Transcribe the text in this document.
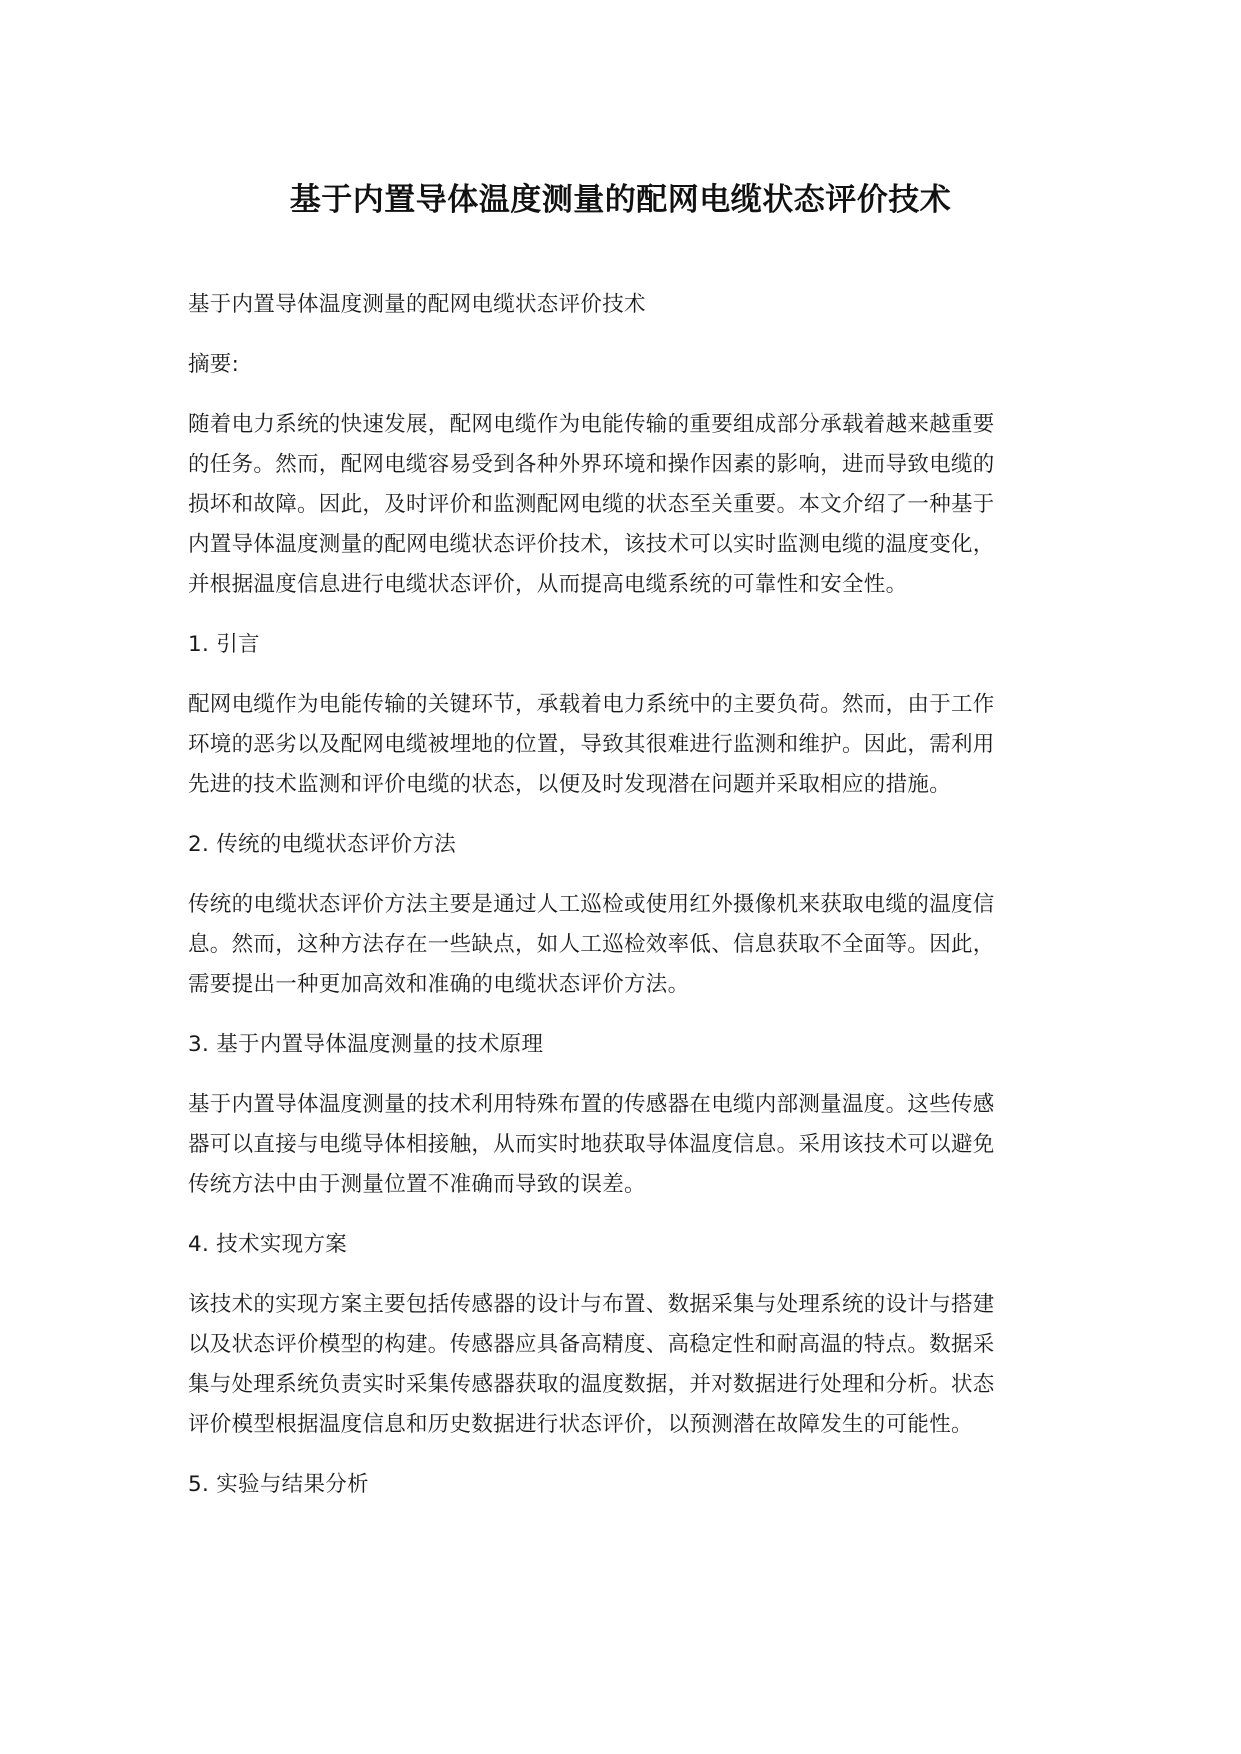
基于内置导体温度测量的配网电缆状态评价技术
基于内置导体温度测量的配网电缆状态评价技术
摘要:
随着电力系统的快速发展，配网电缆作为电能传输的重要组成部分承载着越来越重要
的任务。然而，配网电缆容易受到各种外界环境和操作因素的影响，进而导致电缆的
损坏和故障。因此，及时评价和监测配网电缆的状态至关重要。本文介绍了一种基于
内置导体温度测量的配网电缆状态评价技术，该技术可以实时监测电缆的温度变化，
并根据温度信息进行电缆状态评价，从而提高电缆系统的可靠性和安全性。
1. 引言
配网电缆作为电能传输的关键环节，承载着电力系统中的主要负荷。然而，由于工作
环境的恶劣以及配网电缆被埋地的位置，导致其很难进行监测和维护。因此，需利用
先进的技术监测和评价电缆的状态，以便及时发现潜在问题并采取相应的措施。
2. 传统的电缆状态评价方法
传统的电缆状态评价方法主要是通过人工巡检或使用红外摄像机来获取电缆的温度信
息。然而，这种方法存在一些缺点，如人工巡检效率低、信息获取不全面等。因此，
需要提出一种更加高效和准确的电缆状态评价方法。
3. 基于内置导体温度测量的技术原理
基于内置导体温度测量的技术利用特殊布置的传感器在电缆内部测量温度。这些传感
器可以直接与电缆导体相接触，从而实时地获取导体温度信息。采用该技术可以避免
传统方法中由于测量位置不准确而导致的误差。
4. 技术实现方案
该技术的实现方案主要包括传感器的设计与布置、数据采集与处理系统的设计与搭建
以及状态评价模型的构建。传感器应具备高精度、高稳定性和耐高温的特点。数据采
集与处理系统负责实时采集传感器获取的温度数据，并对数据进行处理和分析。状态
评价模型根据温度信息和历史数据进行状态评价，以预测潜在故障发生的可能性。
5. 实验与结果分析
